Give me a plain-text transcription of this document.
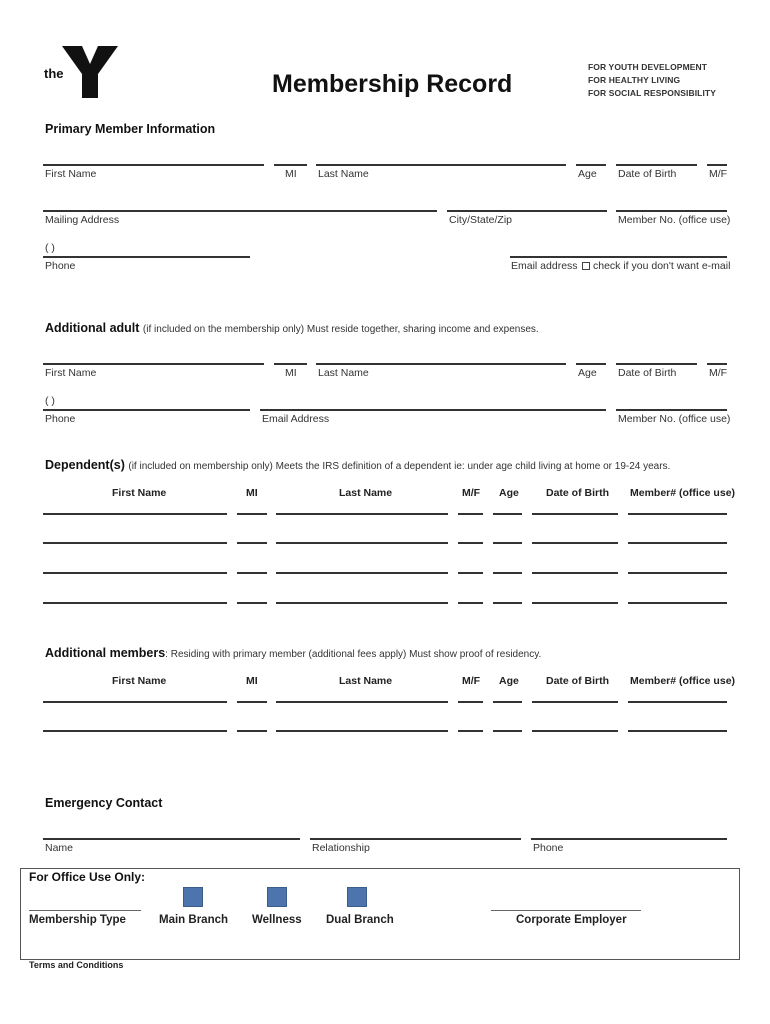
the	Membership Record
FOR YOUTH DEVELOPMENT
FOR HEALTHY LIVING
FOR SOCIAL RESPONSIBILITY
Primary Member Information
First Name	MI Last Name	Age Date of Birth	M/F
Mailing Address	City/State/Zip	Member No. (office use)
( )
Phone	Email address	check if you don't want e-mail
Additional adult (if included on the membership only) Must reside together, sharing income and expenses.
First Name	MI Last Name	Age Date of Birth	M/F
( )
Phone	Email Address	Member No. (office use)
Dependent(s) (if included on membership only) Meets the IRS definition of a dependent ie: under age child living at home or 19-24 years.
First Name	MI	Last Name	M/F Age	Date of Birth Member# (office use)
Additional members: Residing with primary member (additional fees apply) Must show proof of residency.
First Name	MI	Last Name	M/F Age	Date of Birth Member# (office use)
Emergency Contact
Name	Relationship	Phone
For Office Use Only:
Membership Type	Main Branch Wellness Dual Branch	Corporate Employer
Terms and Conditions
